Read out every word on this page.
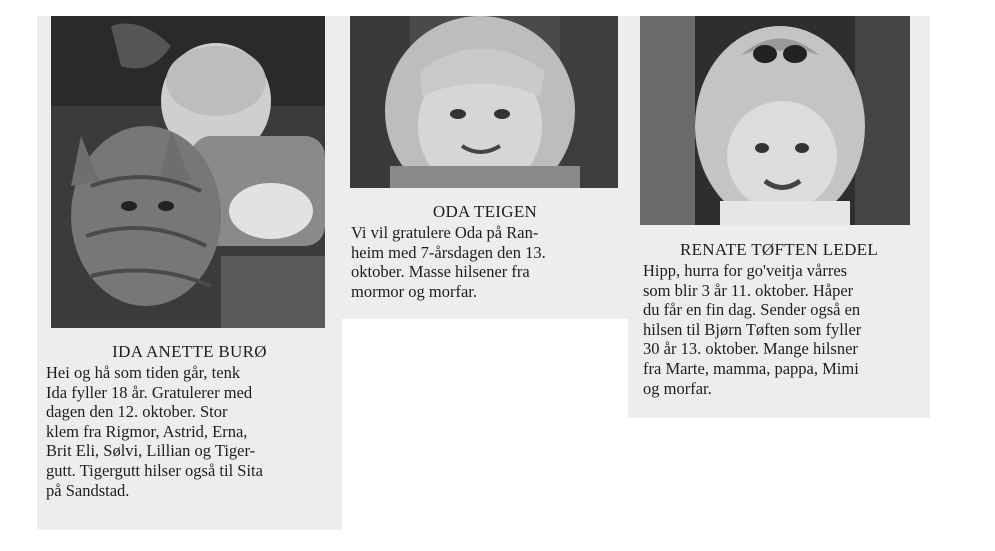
IDA ANETTE BURØ
Hei og hå som tiden går, tenk
Ida fyller 18 år. Gratulerer med
dagen den 12. oktober. Stor
klem fra Rigmor, Astrid, Erna,
Brit Eli, Sølvi, Lillian og Tiger-
gutt. Tigergutt hilser også til Sita
på Sandstad.
ODA TEIGEN
Vi vil gratulere Oda på Ran-
heim med 7-årsdagen den 13.
oktober. Masse hilsener fra
mormor og morfar.
RENATE TØFTEN LEDEL
Hipp, hurra for go'veitja vårres
som blir 3 år 11. oktober. Håper
du får en fin dag. Sender også en
hilsen til Bjørn Tøften som fyller
30 år 13. oktober. Mange hilsner
fra Marte, mamma, pappa, Mimi
og morfar.
